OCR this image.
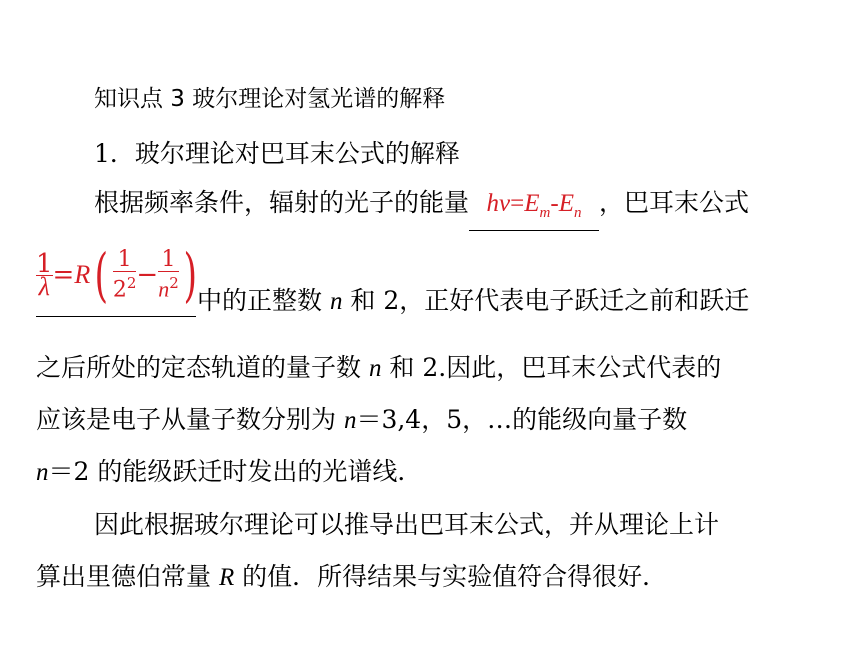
知识点 3 玻尔理论对氢光谱的解释
1．玻尔理论对巴耳末公式的解释
根据频率条件，辐射的光子的能量 $h\nu=E_m-E_n$ ，巴耳末公式
$\frac{1}{\lambda} =R( \frac{1}{2^2} - \frac{1}{n^2}$ ) 中的正整数 n 和 2，正好代表电子跃迁之前和跃迁
之后所处的定态轨道的量子数 n 和 2.因此，巴耳末公式代表的
应该是电子从量子数分别为 n＝3,4，5，…的能级向量子数
n＝2 的能级跃迁时发出的光谱线．
因此根据玻尔理论可以推导出巴耳末公式，并从理论上计
算出里德伯常量 R 的值．所得结果与实验值符合得很好．
